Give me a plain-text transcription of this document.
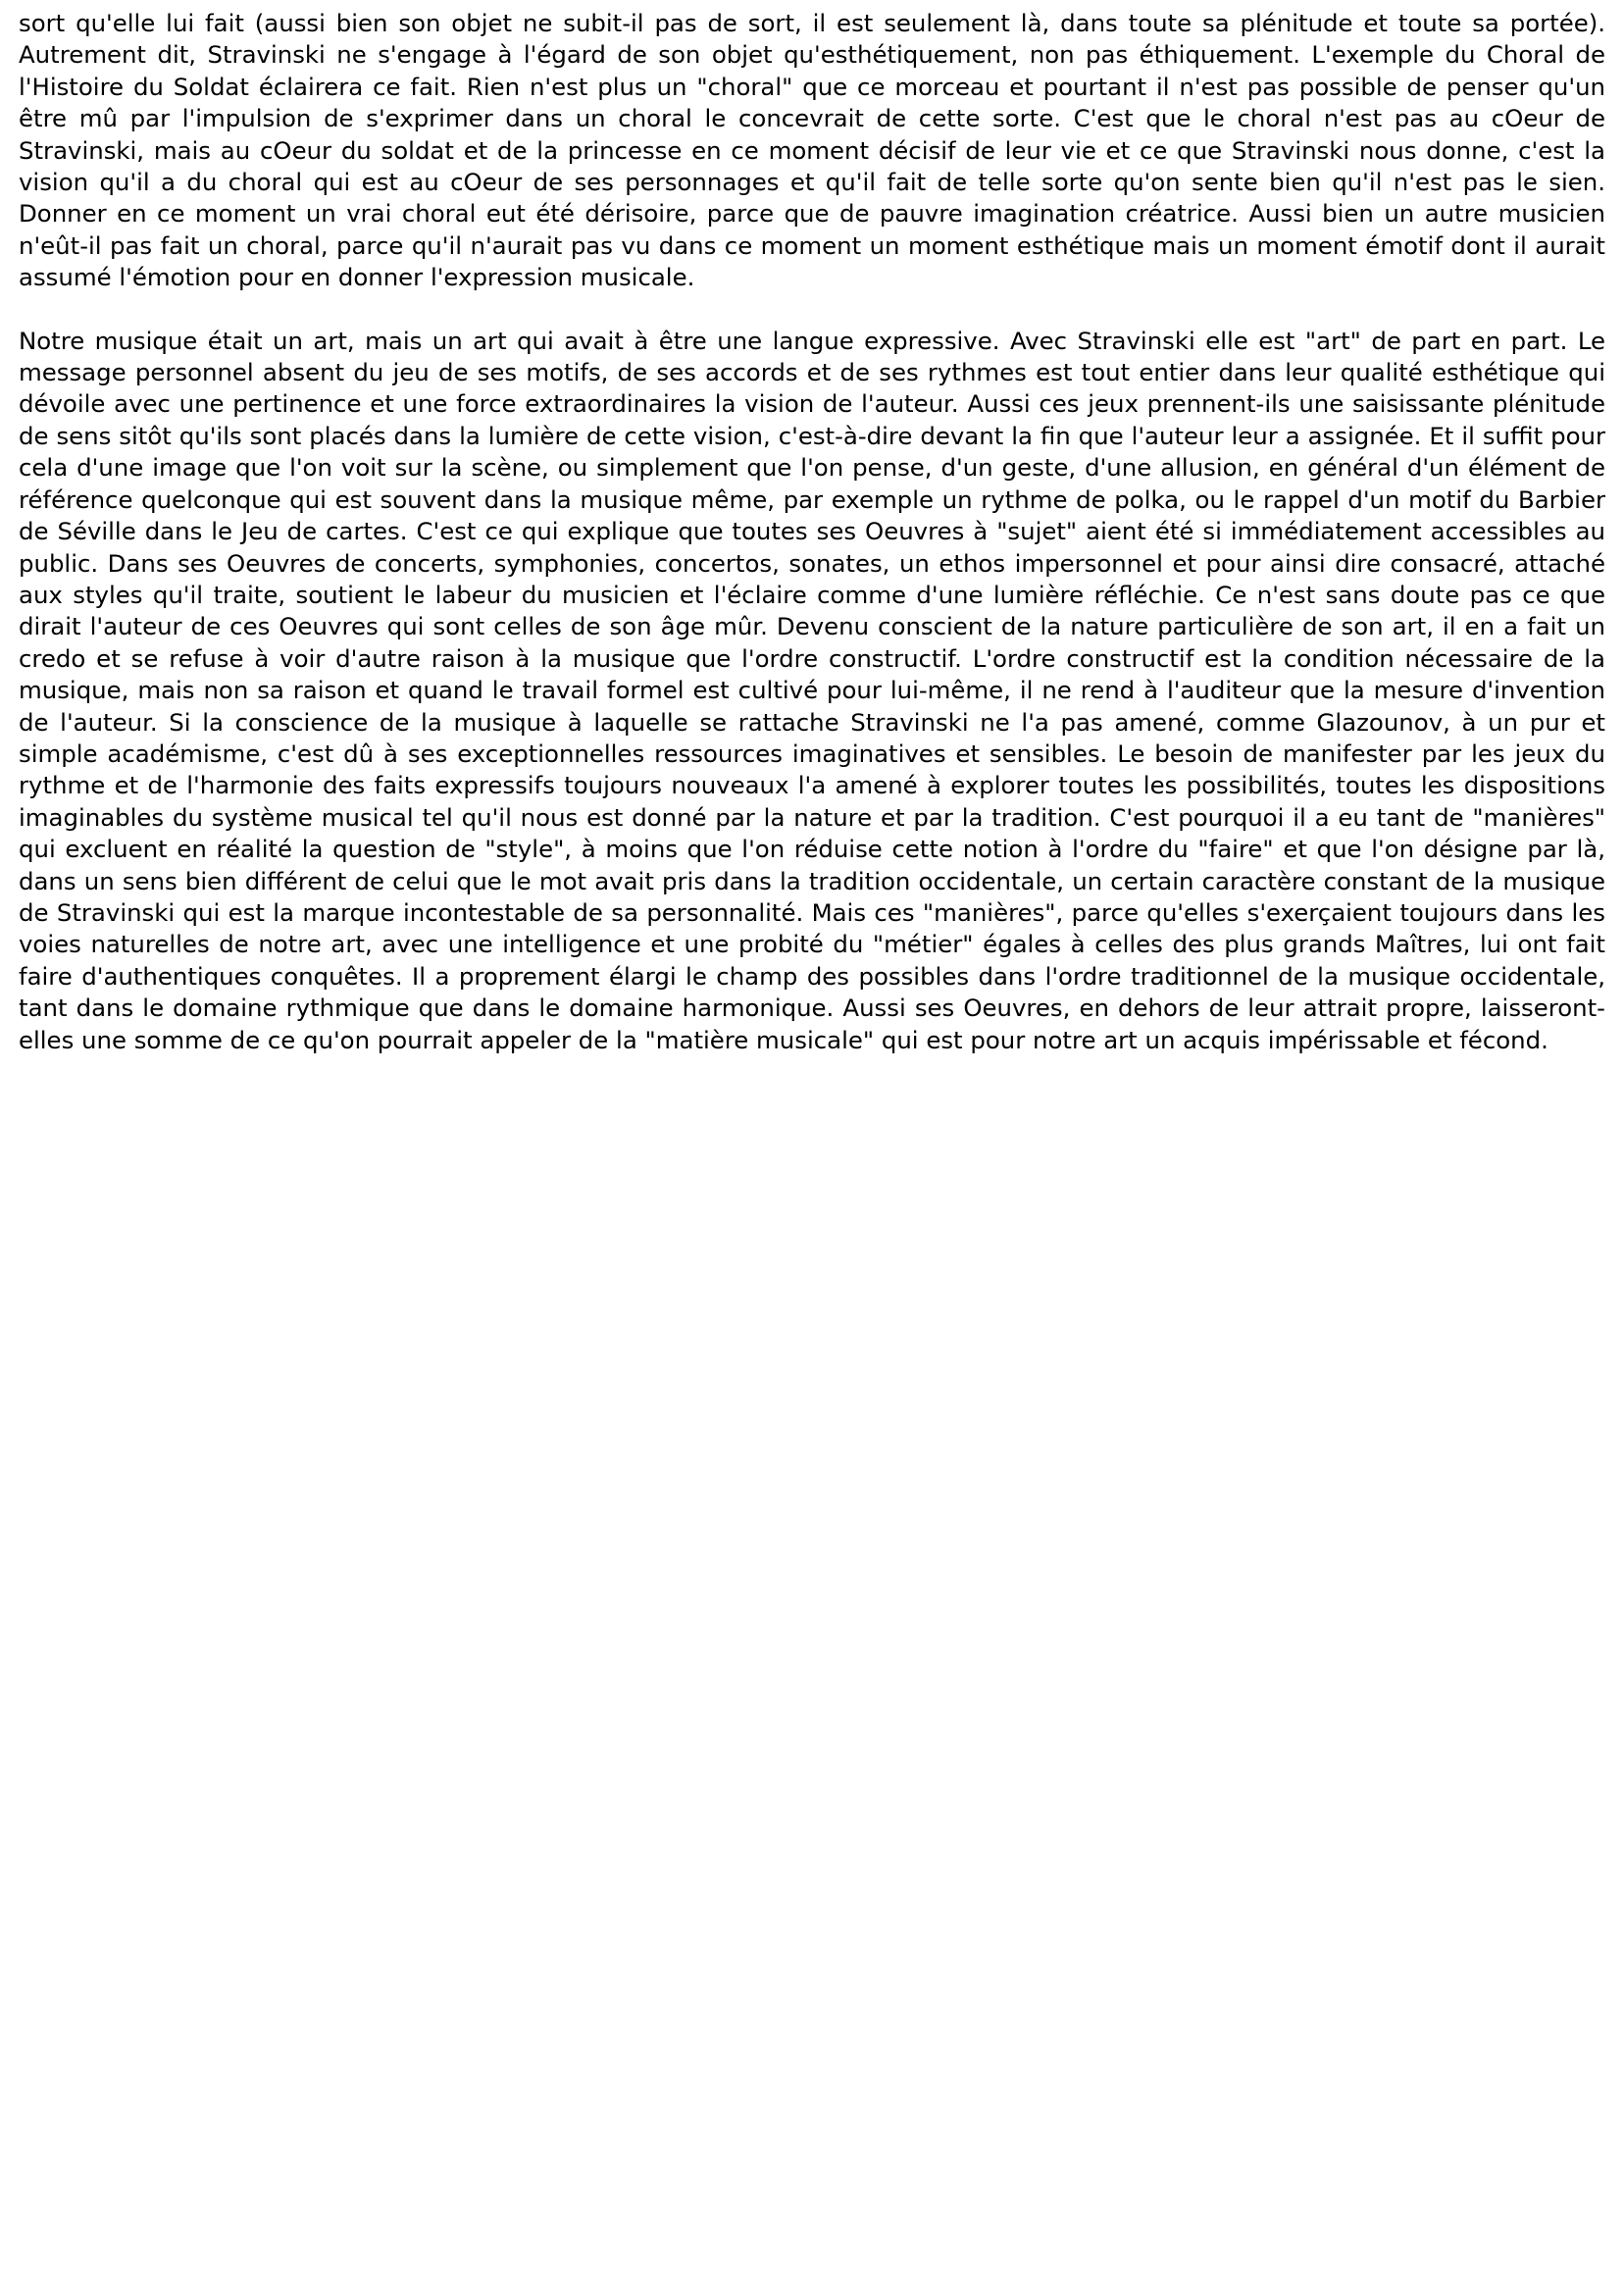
sort qu'elle lui fait (aussi bien son objet ne subit-il pas de sort, il est seulement là, dans toute sa plénitude et toute sa portée). Autrement dit, Stravinski ne s'engage à l'égard de son objet qu'esthétiquement, non pas éthiquement. L'exemple du Choral de l'Histoire du Soldat éclairera ce fait. Rien n'est plus un "choral" que ce morceau et pourtant il n'est pas possible de penser qu'un être mû par l'impulsion de s'exprimer dans un choral le concevrait de cette sorte. C'est que le choral n'est pas au cOeur de Stravinski, mais au cOeur du soldat et de la princesse en ce moment décisif de leur vie et ce que Stravinski nous donne, c'est la vision qu'il a du choral qui est au cOeur de ses personnages et qu'il fait de telle sorte qu'on sente bien qu'il n'est pas le sien. Donner en ce moment un vrai choral eut été dérisoire, parce que de pauvre imagination créatrice. Aussi bien un autre musicien n'eût-il pas fait un choral, parce qu'il n'aurait pas vu dans ce moment un moment esthétique mais un moment émotif dont il aurait assumé l'émotion pour en donner l'expression musicale.

Notre musique était un art, mais un art qui avait à être une langue expressive. Avec Stravinski elle est "art" de part en part. Le message personnel absent du jeu de ses motifs, de ses accords et de ses rythmes est tout entier dans leur qualité esthétique qui dévoile avec une pertinence et une force extraordinaires la vision de l'auteur. Aussi ces jeux prennent-ils une saisissante plénitude de sens sitôt qu'ils sont placés dans la lumière de cette vision, c'est-à-dire devant la fin que l'auteur leur a assignée. Et il suffit pour cela d'une image que l'on voit sur la scène, ou simplement que l'on pense, d'un geste, d'une allusion, en général d'un élément de référence quelconque qui est souvent dans la musique même, par exemple un rythme de polka, ou le rappel d'un motif du Barbier de Séville dans le Jeu de cartes. C'est ce qui explique que toutes ses Oeuvres à "sujet" aient été si immédiatement accessibles au public. Dans ses Oeuvres de concerts, symphonies, concertos, sonates, un ethos impersonnel et pour ainsi dire consacré, attaché aux styles qu'il traite, soutient le labeur du musicien et l'éclaire comme d'une lumière réfléchie. Ce n'est sans doute pas ce que dirait l'auteur de ces Oeuvres qui sont celles de son âge mûr. Devenu conscient de la nature particulière de son art, il en a fait un credo et se refuse à voir d'autre raison à la musique que l'ordre constructif. L'ordre constructif est la condition nécessaire de la musique, mais non sa raison et quand le travail formel est cultivé pour lui-même, il ne rend à l'auditeur que la mesure d'invention de l'auteur. Si la conscience de la musique à laquelle se rattache Stravinski ne l'a pas amené, comme Glazounov, à un pur et simple académisme, c'est dû à ses exceptionnelles ressources imaginatives et sensibles. Le besoin de manifester par les jeux du rythme et de l'harmonie des faits expressifs toujours nouveaux l'a amené à explorer toutes les possibilités, toutes les dispositions imaginables du système musical tel qu'il nous est donné par la nature et par la tradition. C'est pourquoi il a eu tant de "manières" qui excluent en réalité la question de "style", à moins que l'on réduise cette notion à l'ordre du "faire" et que l'on désigne par là, dans un sens bien différent de celui que le mot avait pris dans la tradition occidentale, un certain caractère constant de la musique de Stravinski qui est la marque incontestable de sa personnalité. Mais ces "manières", parce qu'elles s'exerçaient toujours dans les voies naturelles de notre art, avec une intelligence et une probité du "métier" égales à celles des plus grands Maîtres, lui ont fait faire d'authentiques conquêtes. Il a proprement élargi le champ des possibles dans l'ordre traditionnel de la musique occidentale, tant dans le domaine rythmique que dans le domaine harmonique. Aussi ses Oeuvres, en dehors de leur attrait propre, laisseront-elles une somme de ce qu'on pourrait appeler de la "matière musicale" qui est pour notre art un acquis impérissable et fécond.
